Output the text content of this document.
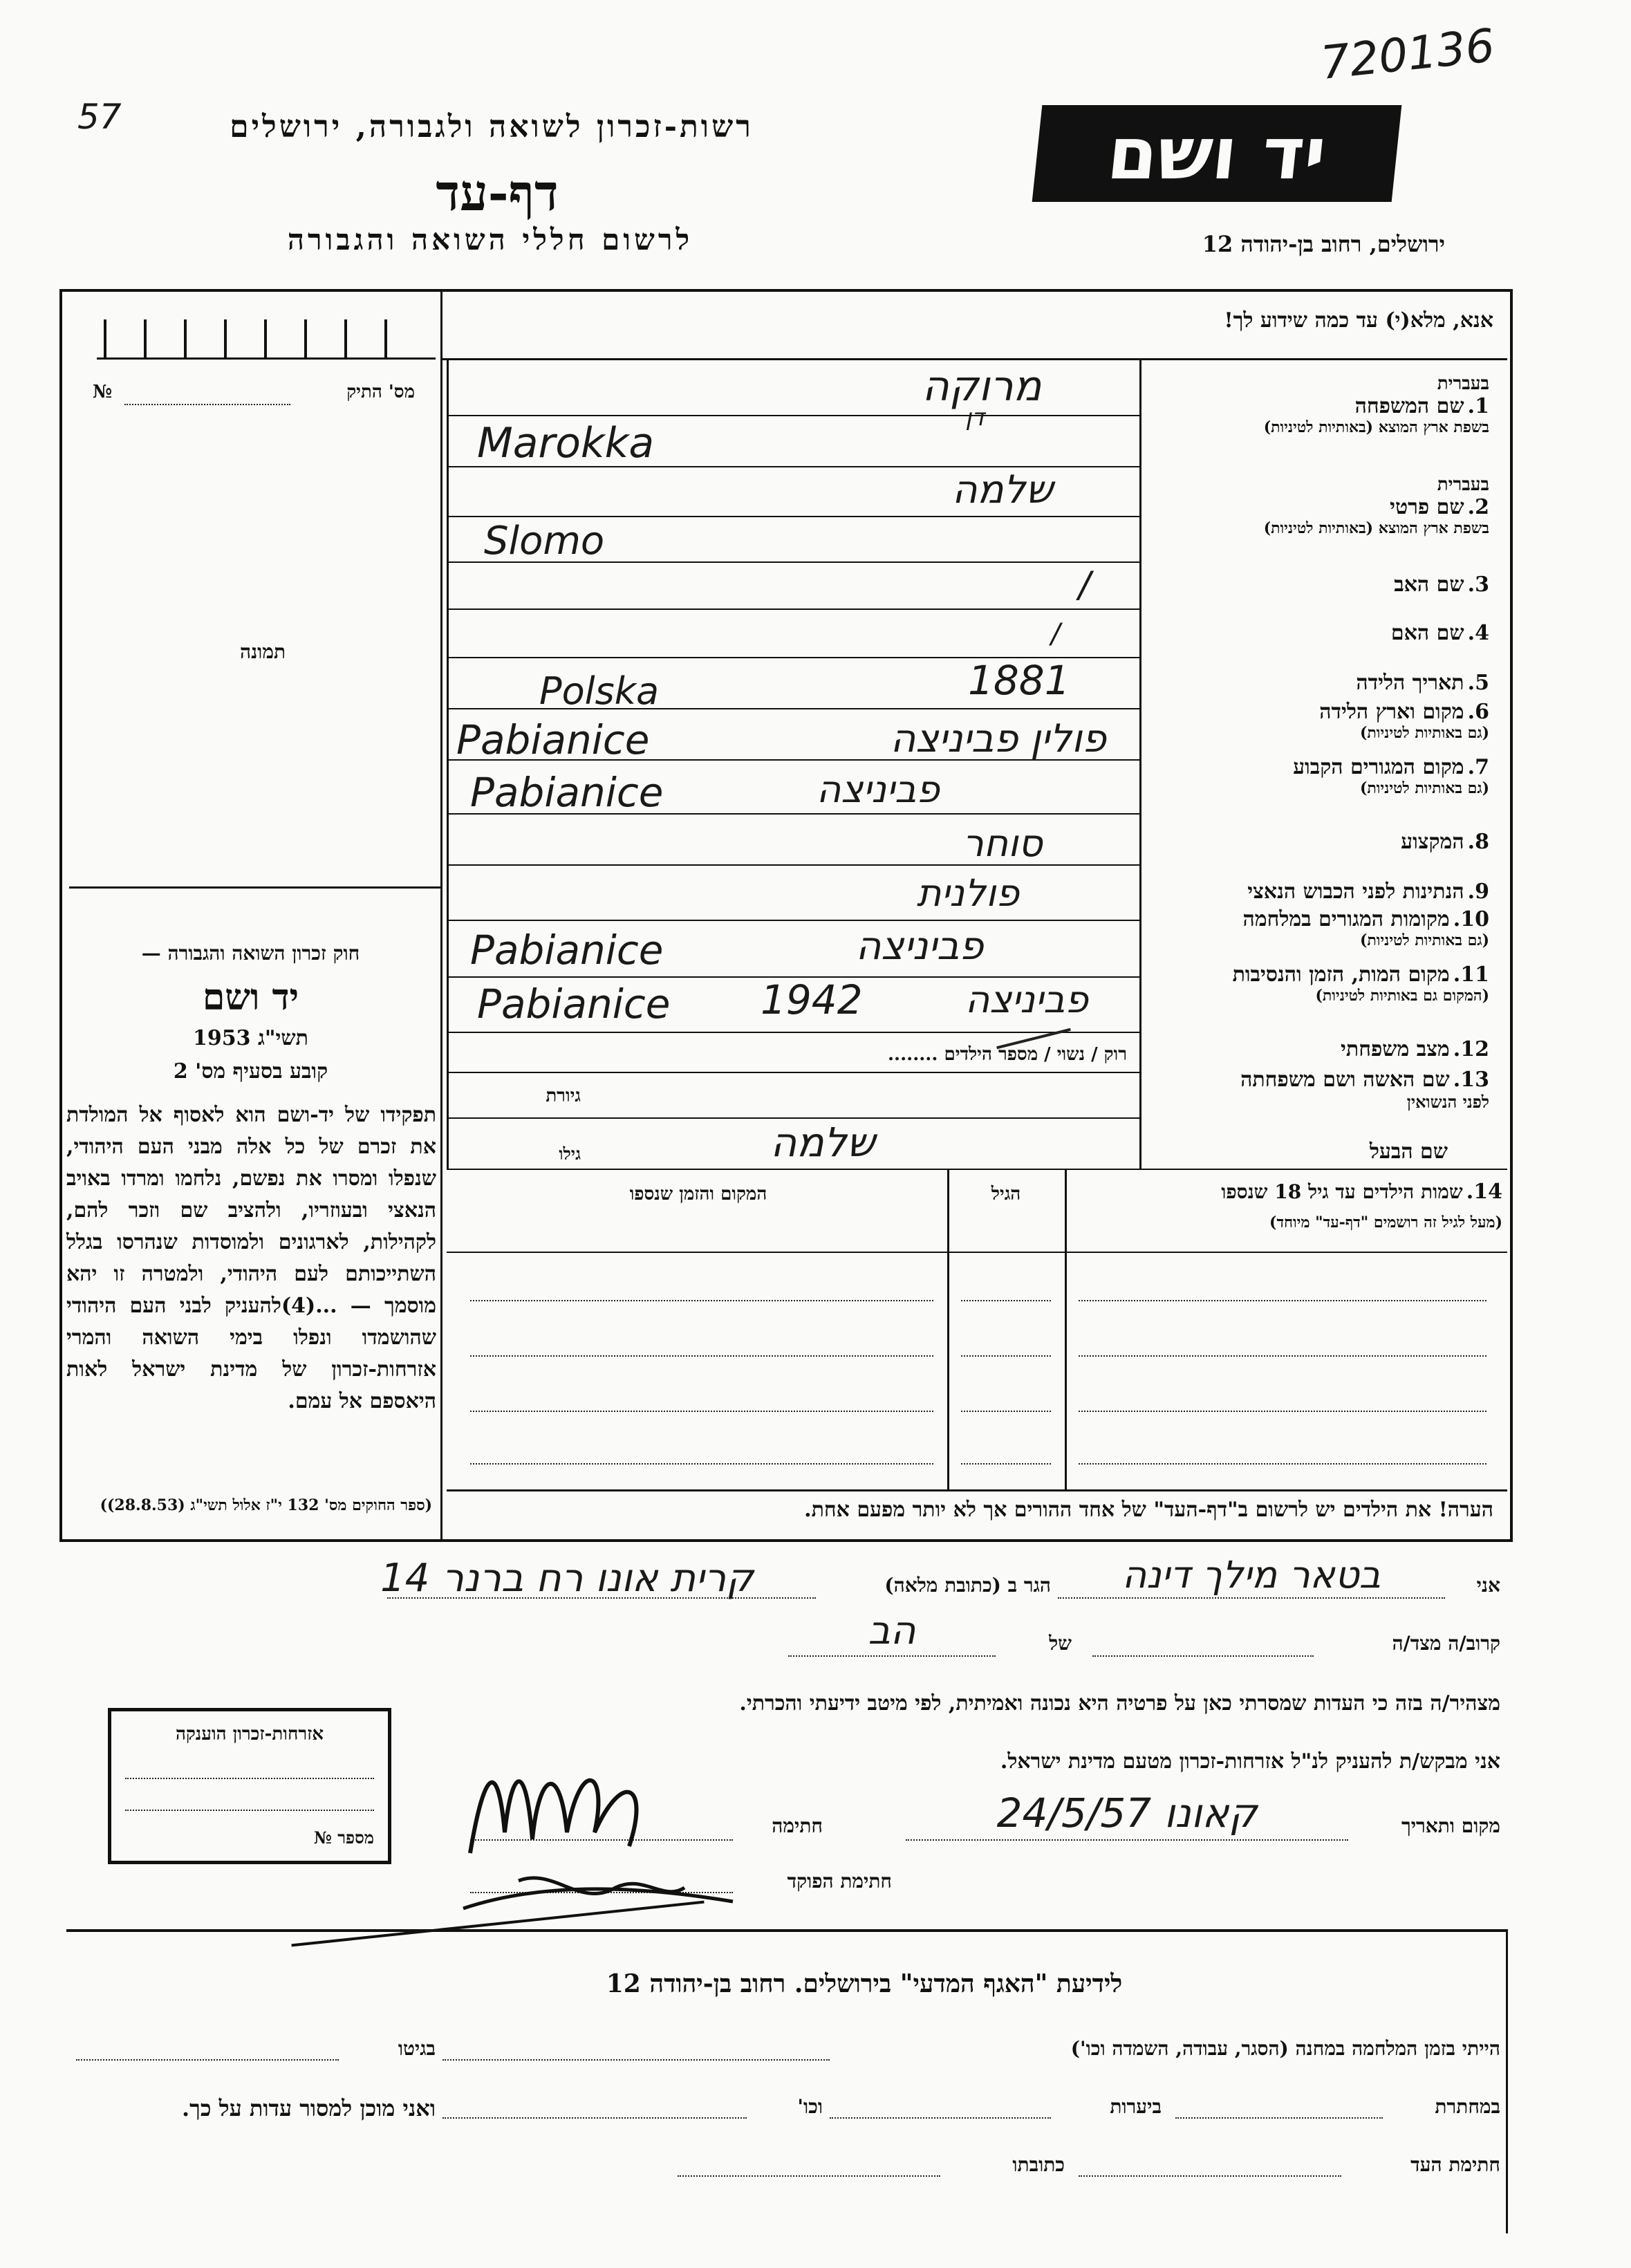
720136
57	רשות-זכרון לשואה ולגבורה, ירושלים
דף-עד
לרשום חללי השואה והגבורה
יד ושם
ירושלים, רחוב בן-יהודה 12
מס' התיק
№
תמונה
חוק זכרון השואה והגבורה —
יד ושם
תשי"ג 1953
קובע בסעיף מס' 2
תפקידו של יד-ושם הוא לאסוף אל המולדת את זכרם של כל אלה מבני העם היהודי, שנפלו ומסרו את נפשם, נלחמו ומרדו באויב הנאצי ובעוזריו, ולהציב שם וזכר להם, לקהילות, לארגונים ולמוסדות שנהרסו בגלל השתייכותם לעם היהודי, ולמטרה זו יהא מוסמך — ...(4)להעניק לבני העם היהודי שהושמדו ונפלו בימי השואה והמרי אזרחות-זכרון של מדינת ישראל לאות היאספם אל עמם.
(ספר החוקים מס' 132 י"ז אלול תשי"ג (28.8.53))
אנא, מלא(י) עד כמה שידוע לך!
בעברית
1. שם המשפחה
בשפת ארץ המוצא (באותיות לטיניות)
בעברית
2. שם פרטי
בשפת ארץ המוצא (באותיות לטיניות)
3. שם האב
4. שם האם
5. תאריך הלידה
6. מקום וארץ הלידה
(גם באותיות לטיניות)
7. מקום המגורים הקבוע
(גם באותיות לטיניות)
8. המקצוע
9. הנתינות לפני הכבוש הנאצי
10. מקומות המגורים במלחמה
(גם באותיות לטיניות)
11. מקום המות, הזמן והנסיבות
(המקום גם באותיות לטיניות)
12. מצב משפחתי
13. שם האשה ושם משפחתה
לפני הנשואין
שם הבעל
מרוקה
דן
Marokka
שלמה
Slomo
/
/
1881
Polska
פולין פביניצה
Pabianice
פביניצה
Pabianice
סוחר
פולנית
פביניצה
Pabianice
פביניצה
1942
Pabianice
רוק / נשוי / מספר הילדים ........
גיורת
גילו	שלמה
14. שמות הילדים עד גיל 18 שנספו
(מעל לגיל זה רושמים "דף-עד" מיוחד)
הגיל
המקום והזמן שנספו
הערה! את הילדים יש לרשום ב"דף-העד" של אחד ההורים אך לא יותר מפעם אחת.
אני
בטאר מילך דינה
הגר ב (כתובת מלאה)
קרית אונו רח ברנר 14
קרוב/ה מצד/ה
של
הב
מצהיר/ה בזה כי העדות שמסרתי כאן על פרטיה היא נכונה ואמיתית, לפי מיטב ידיעתי והכרתי.
אני מבקש/ת להעניק לנ"ל אזרחות-זכרון מטעם מדינת ישראל.
מקום ותאריך
קאונו 24/5/57
חתימה
חתימת הפוקד
אזרחות-זכרון הוענקה
מספר №
לידיעת "האגף המדעי" בירושלים. רחוב בן-יהודה 12
הייתי בזמן המלחמה במחנה (הסגר, עבודה, השמדה וכו')
בגיטו
במחתרת
ביערות
וכו'
ואני מוכן למסור עדות על כך.
חתימת העד
כתובתו
